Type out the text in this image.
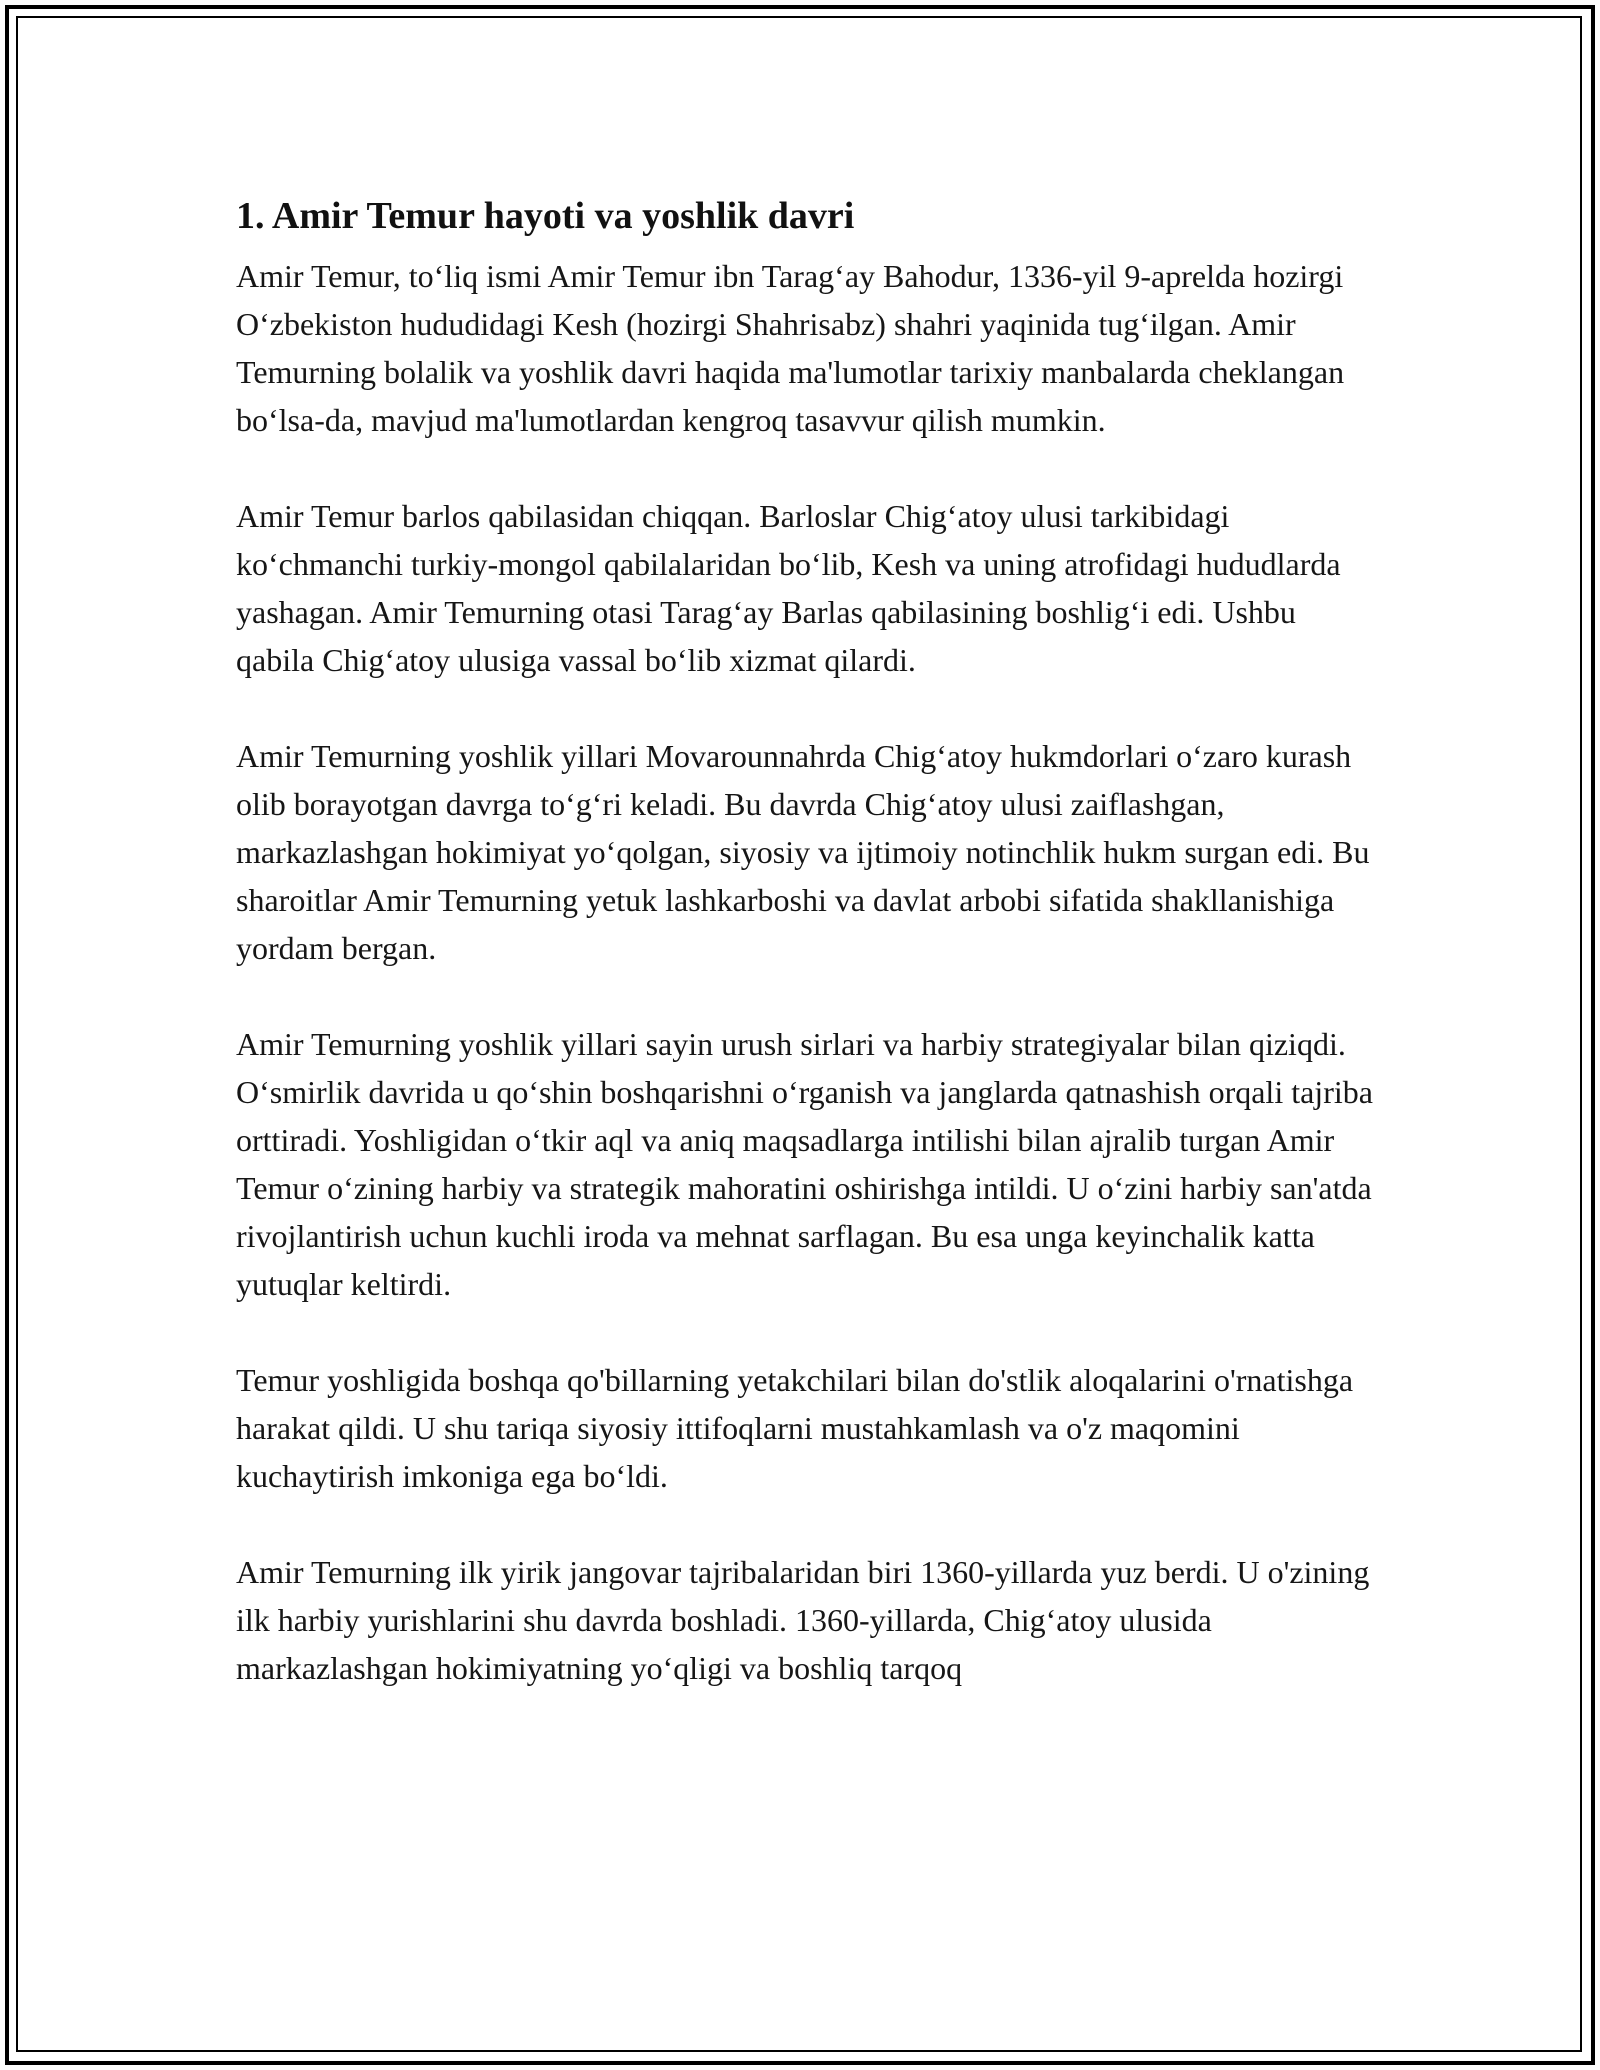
1. Amir Temur hayoti va yoshlik davri

Amir Temur, to‘liq ismi Amir Temur ibn Tarag‘ay Bahodur, 1336-yil 9-aprelda hozirgi O‘zbekiston hududidagi Kesh (hozirgi Shahrisabz) shahri yaqinida tug‘ilgan. Amir Temurning bolalik va yoshlik davri haqida ma'lumotlar tarixiy manbalarda cheklangan bo‘lsa-da, mavjud ma'lumotlardan kengroq tasavvur qilish mumkin.

Amir Temur barlos qabilasidan chiqqan. Barloslar Chig‘atoy ulusi tarkibidagi ko‘chmanchi turkiy-mongol qabilalaridan bo‘lib, Kesh va uning atrofidagi hududlarda yashagan. Amir Temurning otasi Tarag‘ay Barlas qabilasining boshlig‘i edi. Ushbu qabila Chig‘atoy ulusiga vassal bo‘lib xizmat qilardi.

Amir Temurning yoshlik yillari Movarounnahrda Chig‘atoy hukmdorlari o‘zaro kurash olib borayotgan davrga to‘g‘ri keladi. Bu davrda Chig‘atoy ulusi zaiflashgan, markazlashgan hokimiyat yo‘qolgan, siyosiy va ijtimoiy notinchlik hukm surgan edi. Bu sharoitlar Amir Temurning yetuk lashkarboshi va davlat arbobi sifatida shakllanishiga yordam bergan.

Amir Temurning yoshlik yillari sayin urush sirlari va harbiy strategiyalar bilan qiziqdi. O‘smirlik davrida u qo‘shin boshqarishni o‘rganish va janglarda qatnashish orqali tajriba orttiradi. Yoshligidan o‘tkir aql va aniq maqsadlarga intilishi bilan ajralib turgan Amir Temur o‘zining harbiy va strategik mahoratini oshirishga intildi. U o‘zini harbiy san'atda rivojlantirish uchun kuchli iroda va mehnat sarflagan. Bu esa unga keyinchalik katta yutuqlar keltirdi.

Temur yoshligida boshqa qo'billarning yetakchilari bilan do'stlik aloqalarini o'rnatishga harakat qildi. U shu tariqa siyosiy ittifoqlarni mustahkamlash va o'z maqomini kuchaytirish imkoniga ega bo‘ldi.

Amir Temurning ilk yirik jangovar tajribalaridan biri 1360-yillarda yuz berdi. U o'zining ilk harbiy yurishlarini shu davrda boshladi. 1360-yillarda, Chig‘atoy ulusida markazlashgan hokimiyatning yo‘qligi va boshliq tarqoq
